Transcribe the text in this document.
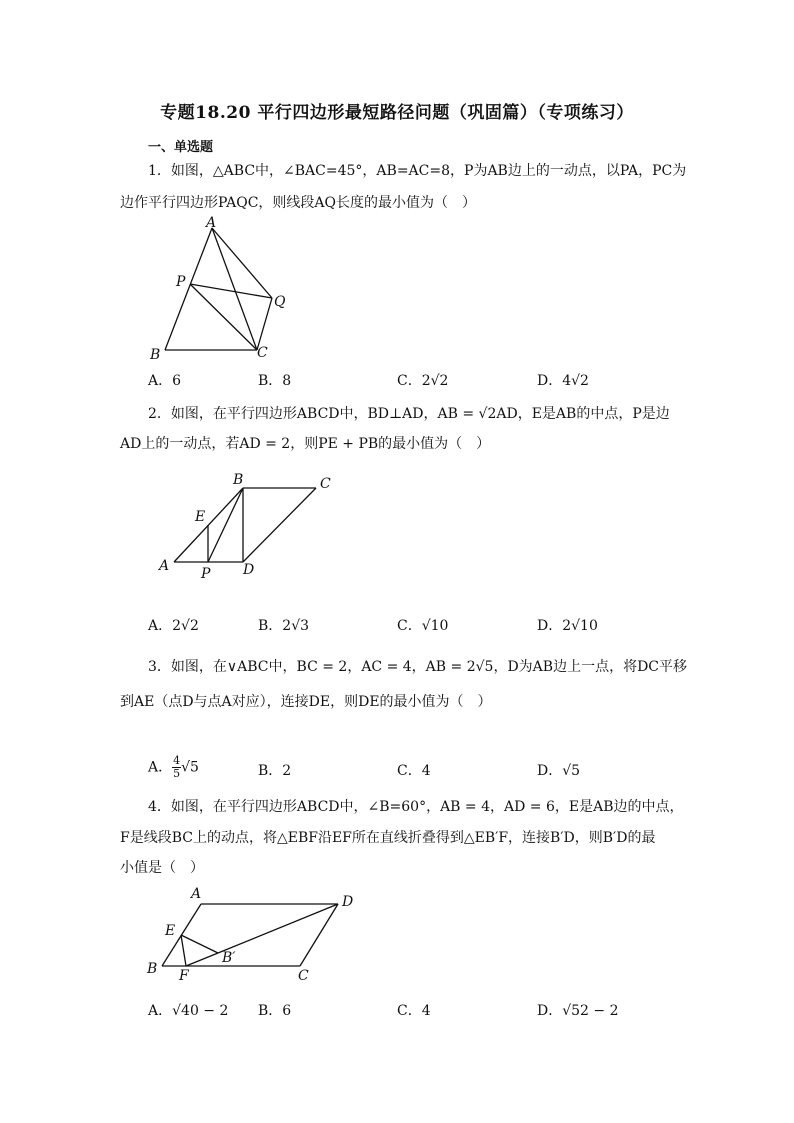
专题18.20 平行四边形最短路径问题（巩固篇）（专项练习）
一、单选题
1．如图，△ABC中，∠BAC=45°，AB=AC=8，P为AB边上的一动点，以PA，PC为
边作平行四边形PAQC，则线段AQ长度的最小值为（　）
A
P
Q
B	C
A．6	B．8	C．2√2	D．4√2
2．如图，在平行四边形ABCD中，BD⊥AD，AB = √2AD，E是AB的中点，P是边
AD上的一动点，若AD = 2，则PE + PB的最小值为（　）
B	C
E
A P D
A．2√2	B．2√3	C．√10	D．2√10
3．如图，在∨ABC中，BC = 2，AC = 4，AB = 2√5，D为AB边上一点，将DC平移
到AE（点D与点A对应），连接DE，则DE的最小值为（　）
A． $\frac{4}{5} √5$	B．2	C．4	D．√5
4．如图，在平行四边形ABCD中，∠B=60°，AB = 4，AD = 6，E是AB边的中点，
F是线段BC上的动点，将△EBF沿EF所在直线折叠得到△EB′F，连接B′D，则B′D的最
小值是（　）
A	D
E
B′
B F	C
A．√40 − 2 B．6	C．4	D．√52 − 2
